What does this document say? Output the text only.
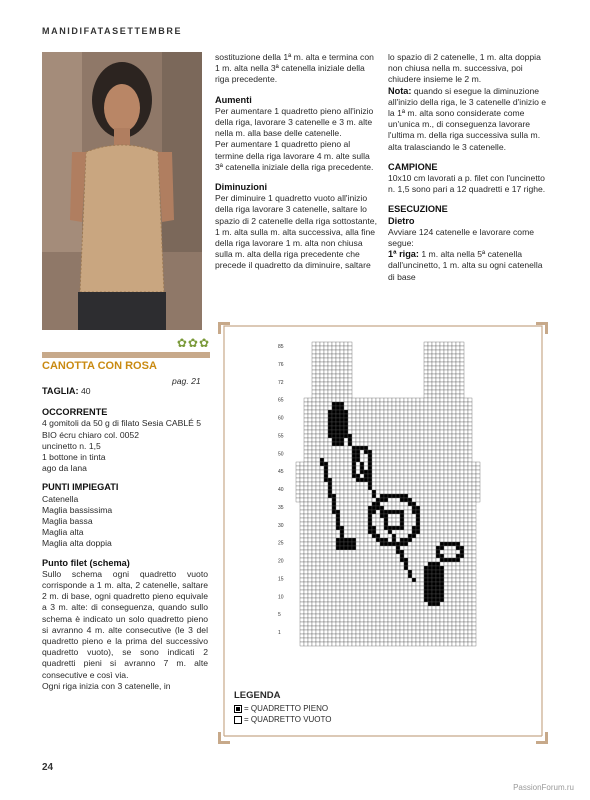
MANIDIFATASETTEMBRE
✿✿✿
CANOTTA CON ROSA
pag. 21

TAGLIA: 40

OCCORRENTE

4 gomitoli da 50 g di filato Sesia CABLÉ 5

BIO écru chiaro col. 0052

uncinetto n. 1,5

1 bottone in tinta

ago da lana

PUNTI IMPIEGATI

Catenella

Maglia bassissima

Maglia bassa

Maglia alta

Maglia alta doppia

Punto filet (schema)

Sullo schema ogni quadretto vuoto corrisponde a 1 m. alta, 2 catenelle, saltare 2 m. di base, ogni quadretto pieno equivale a 3 m. alte: di conseguenza, quando sullo schema è indicato un solo quadretto pieno si avranno 4 m. alte consecutive (le 3 del quadretto pieno e la prima del successivo quadretto vuoto), se sono indicati 2 quadretti pieni si avranno 7 m. alte consecutive e così via.

Ogni riga inizia con 3 catenelle, in

sostituzione della 1ª m. alta e termina con 1 m. alta nella 3ª catenella iniziale della riga precedente.

Aumenti

Per aumentare 1 quadretto pieno all'inizio della riga, lavorare 3 catenelle e 3 m. alte nella m. alla base delle catenelle.

Per aumentare 1 quadretto pieno al termine della riga lavorare 4 m. alte sulla 3ª catenella iniziale della riga precedente.

Diminuzioni

Per diminuire 1 quadretto vuoto all'inizio della riga lavorare 3 catenelle, saltare lo spazio di 2 catenelle della riga sottostante, 1 m. alta sulla m. alta successiva, alla fine della riga lavorare 1 m. alta non chiusa sulla m. alta della riga precedente che precede il quadretto da diminuire, saltare

lo spazio di 2 catenelle, 1 m. alta doppia non chiusa nella m. successiva, poi chiudere insieme le 2 m.

Nota: quando si esegue la diminuzione all'inizio della riga, le 3 catenelle d'inizio e la 1ª m. alta sono considerate come un'unica m., di conseguenza lavorare l'ultima m. della riga successiva sulla m. alta tralasciando le 3 catenelle.

CAMPIONE

10x10 cm lavorati a p. filet con l'uncinetto n. 1,5 sono pari a 12 quadretti e 17 righe.

ESECUZIONE

Dietro

Avviare 124 catenelle e lavorare come segue:

1ª riga: 1 m. alta nella 5ª catenella dall'uncinetto, 1 m. alta su ogni catenella di base

85
76
72
65
60
55
50
45
40
35
30
25
20
15
10
5
1
LEGENDA
= QUADRETTO PIENO
= QUADRETTO VUOTO
24
PassionForum.ru
